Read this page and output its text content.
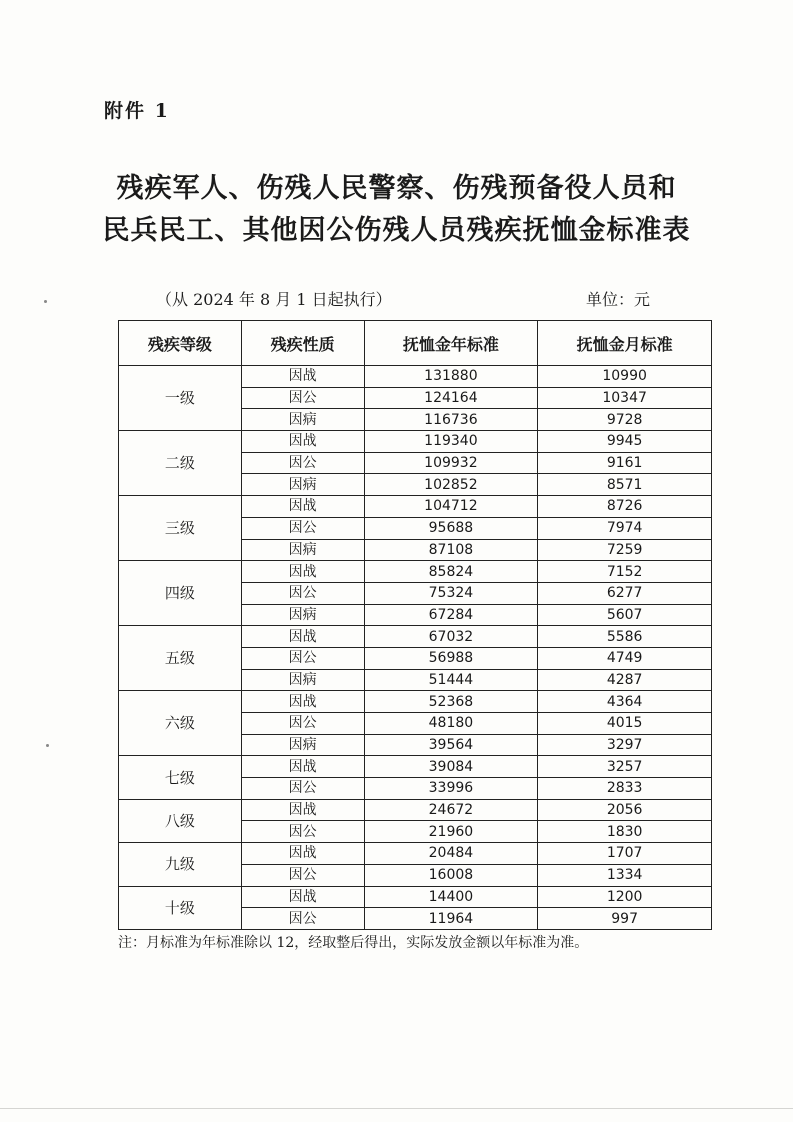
附件 1
残疾军人、伤残人民警察、伤残预备役人员和
民兵民工、其他因公伤残人员残疾抚恤金标准表
（从 2024 年 8 月 1 日起执行）	单位：元
残疾等级	残疾性质	抚恤金年标准	抚恤金月标准
一级	因战	131880	10990
	因公	124164	10347
	因病	116736	9728
二级	因战	119340	9945
	因公	109932	9161
	因病	102852	8571
三级	因战	104712	8726
	因公	95688	7974
	因病	87108	7259
四级	因战	85824	7152
	因公	75324	6277
	因病	67284	5607
五级	因战	67032	5586
	因公	56988	4749
	因病	51444	4287
六级	因战	52368	4364
	因公	48180	4015
	因病	39564	3297
七级	因战	39084	3257
	因公	33996	2833
八级	因战	24672	2056
	因公	21960	1830
九级	因战	20484	1707
	因公	16008	1334
十级	因战	14400	1200
	因公	11964	997
注：月标准为年标准除以 12，经取整后得出，实际发放金额以年标准为准。
